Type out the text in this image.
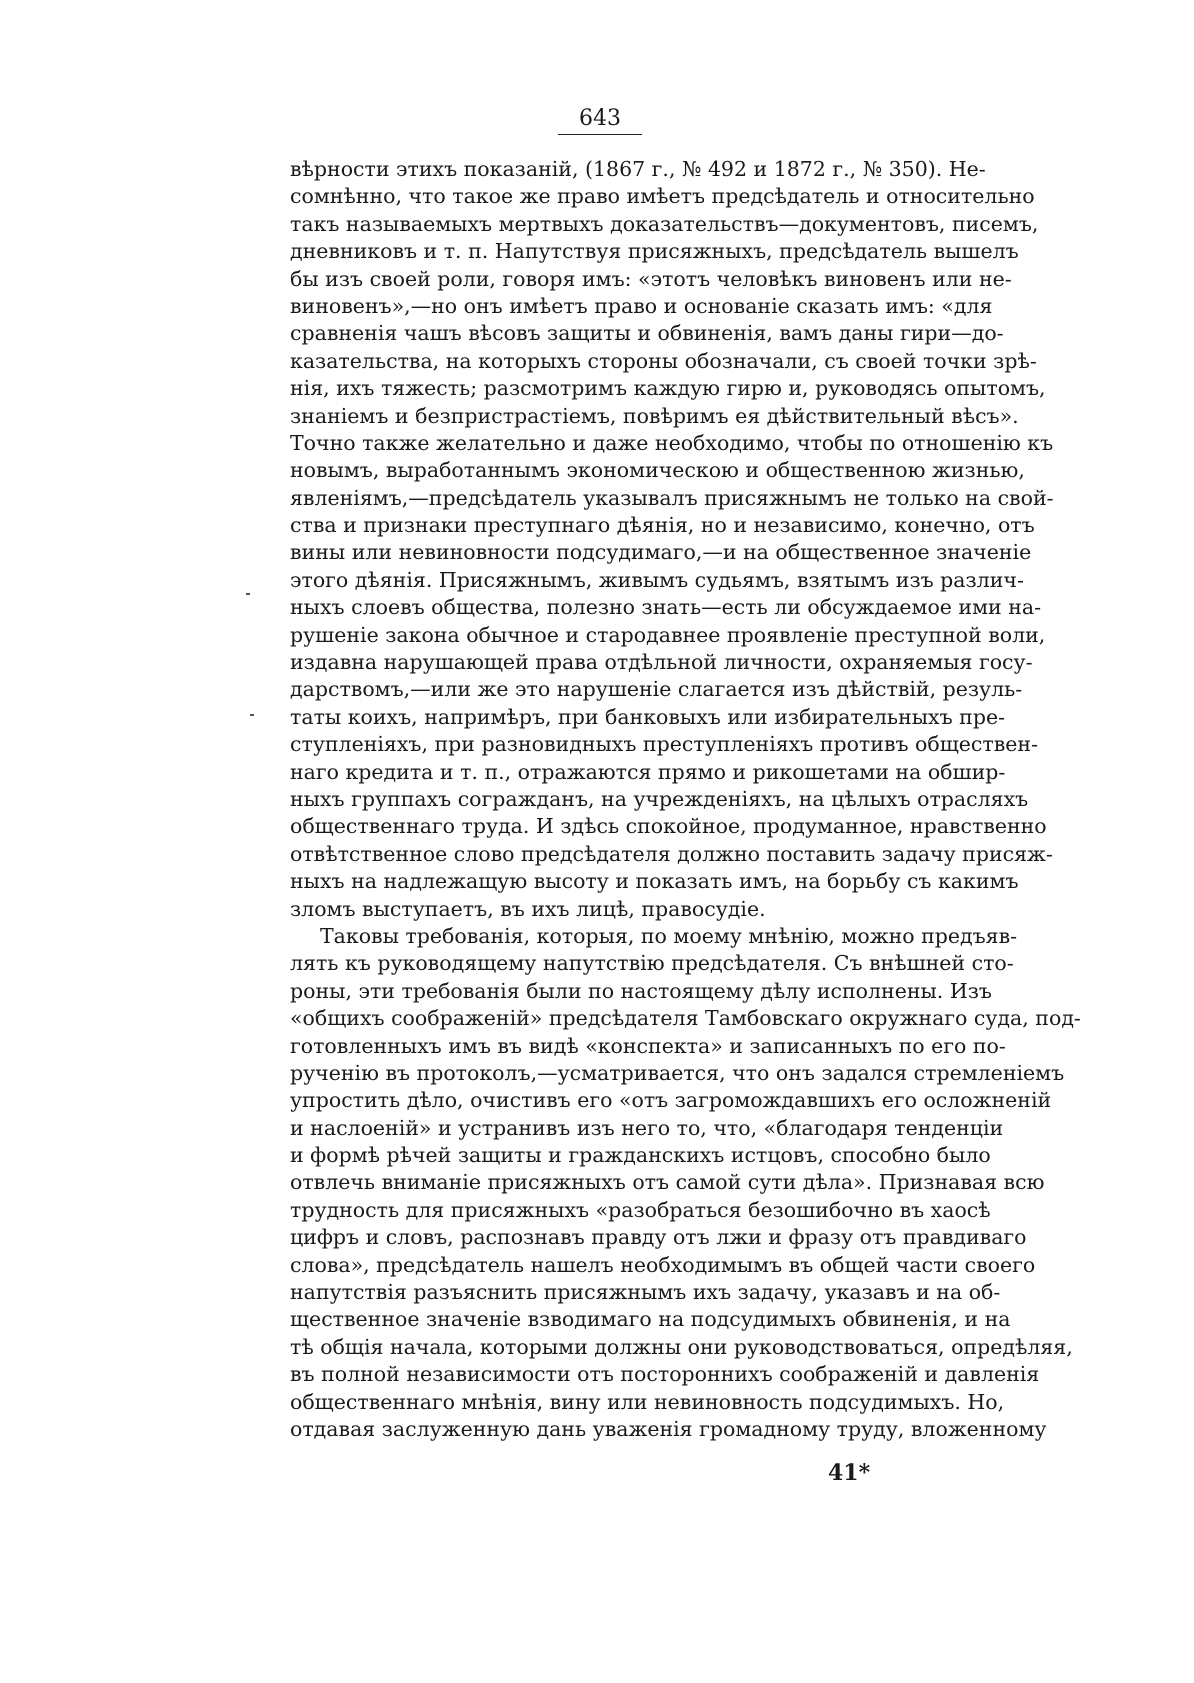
643
вѣрности этихъ показаній, (1867 г., № 492 и 1872 г., № 350). Не-
сомнѣнно, что такое же право имѣетъ предсѣдатель и относительно
такъ называемыхъ мертвыхъ доказательствъ—документовъ, писемъ,
дневниковъ и т. п. Напутствуя присяжныхъ, предсѣдатель вышелъ
бы изъ своей роли, говоря имъ: «этотъ человѣкъ виновенъ или не-
виновенъ»,—но онъ имѣетъ право и основаніе сказать имъ: «для
сравненія чашъ вѣсовъ защиты и обвиненія, вамъ даны гири—до-
казательства, на которыхъ стороны обозначали, съ своей точки зрѣ-
нія, ихъ тяжесть; разсмотримъ каждую гирю и, руководясь опытомъ,
знаніемъ и безпристрастіемъ, повѣримъ ея дѣйствительный вѣсъ».
Точно также желательно и даже необходимо, чтобы по отношенію къ
новымъ, выработаннымъ экономическою и общественною жизнью,
явленіямъ,—предсѣдатель указывалъ присяжнымъ не только на свой-
ства и признаки преступнаго дѣянія, но и независимо, конечно, отъ
вины или невиновности подсудимаго,—и на общественное значеніе
этого дѣянія. Присяжнымъ, живымъ судьямъ, взятымъ изъ различ-
ныхъ слоевъ общества, полезно знать—есть ли обсуждаемое ими на-
рушеніе закона обычное и стародавнее проявленіе преступной воли,
издавна нарушающей права отдѣльной личности, охраняемыя госу-
дарствомъ,—или же это нарушеніе слагается изъ дѣйствій, резуль-
таты коихъ, напримѣръ, при банковыхъ или избирательныхъ пре-
ступленіяхъ, при разновидныхъ преступленіяхъ противъ обществен-
наго кредита и т. п., отражаются прямо и рикошетами на обшир-
ныхъ группахъ согражданъ, на учрежденіяхъ, на цѣлыхъ отрасляхъ
общественнаго труда. И здѣсь спокойное, продуманное, нравственно
отвѣтственное слово предсѣдателя должно поставить задачу присяж-
ныхъ на надлежащую высоту и показать имъ, на борьбу съ какимъ
зломъ выступаетъ, въ ихъ лицѣ, правосудіе.
Таковы требованія, которыя, по моему мнѣнію, можно предъяв-
лять къ руководящему напутствію предсѣдателя. Съ внѣшней сто-
роны, эти требованія были по настоящему дѣлу исполнены. Изъ
«общихъ соображеній» предсѣдателя Тамбовскаго окружнаго суда, под-
готовленныхъ имъ въ видѣ «конспекта» и записанныхъ по его по-
рученію въ протоколъ,—усматривается, что онъ задался стремленіемъ
упростить дѣло, очистивъ его «отъ загромождавшихъ его осложненій
и наслоеній» и устранивъ изъ него то, что, «благодаря тенденціи
и формѣ рѣчей защиты и гражданскихъ истцовъ, способно было
отвлечь вниманіе присяжныхъ отъ самой сути дѣла». Признавая всю
трудность для присяжныхъ «разобраться безошибочно въ хаосѣ
цифръ и словъ, распознавъ правду отъ лжи и фразу отъ правдиваго
слова», предсѣдатель нашелъ необходимымъ въ общей части своего
напутствія разъяснить присяжнымъ ихъ задачу, указавъ и на об-
щественное значеніе взводимаго на подсудимыхъ обвиненія, и на
тѣ общія начала, которыми должны они руководствоваться, опредѣляя,
въ полной независимости отъ постороннихъ соображеній и давленія
общественнаго мнѣнія, вину или невиновность подсудимыхъ. Но,
отдавая заслуженную дань уваженія громадному труду, вложенному
41*
